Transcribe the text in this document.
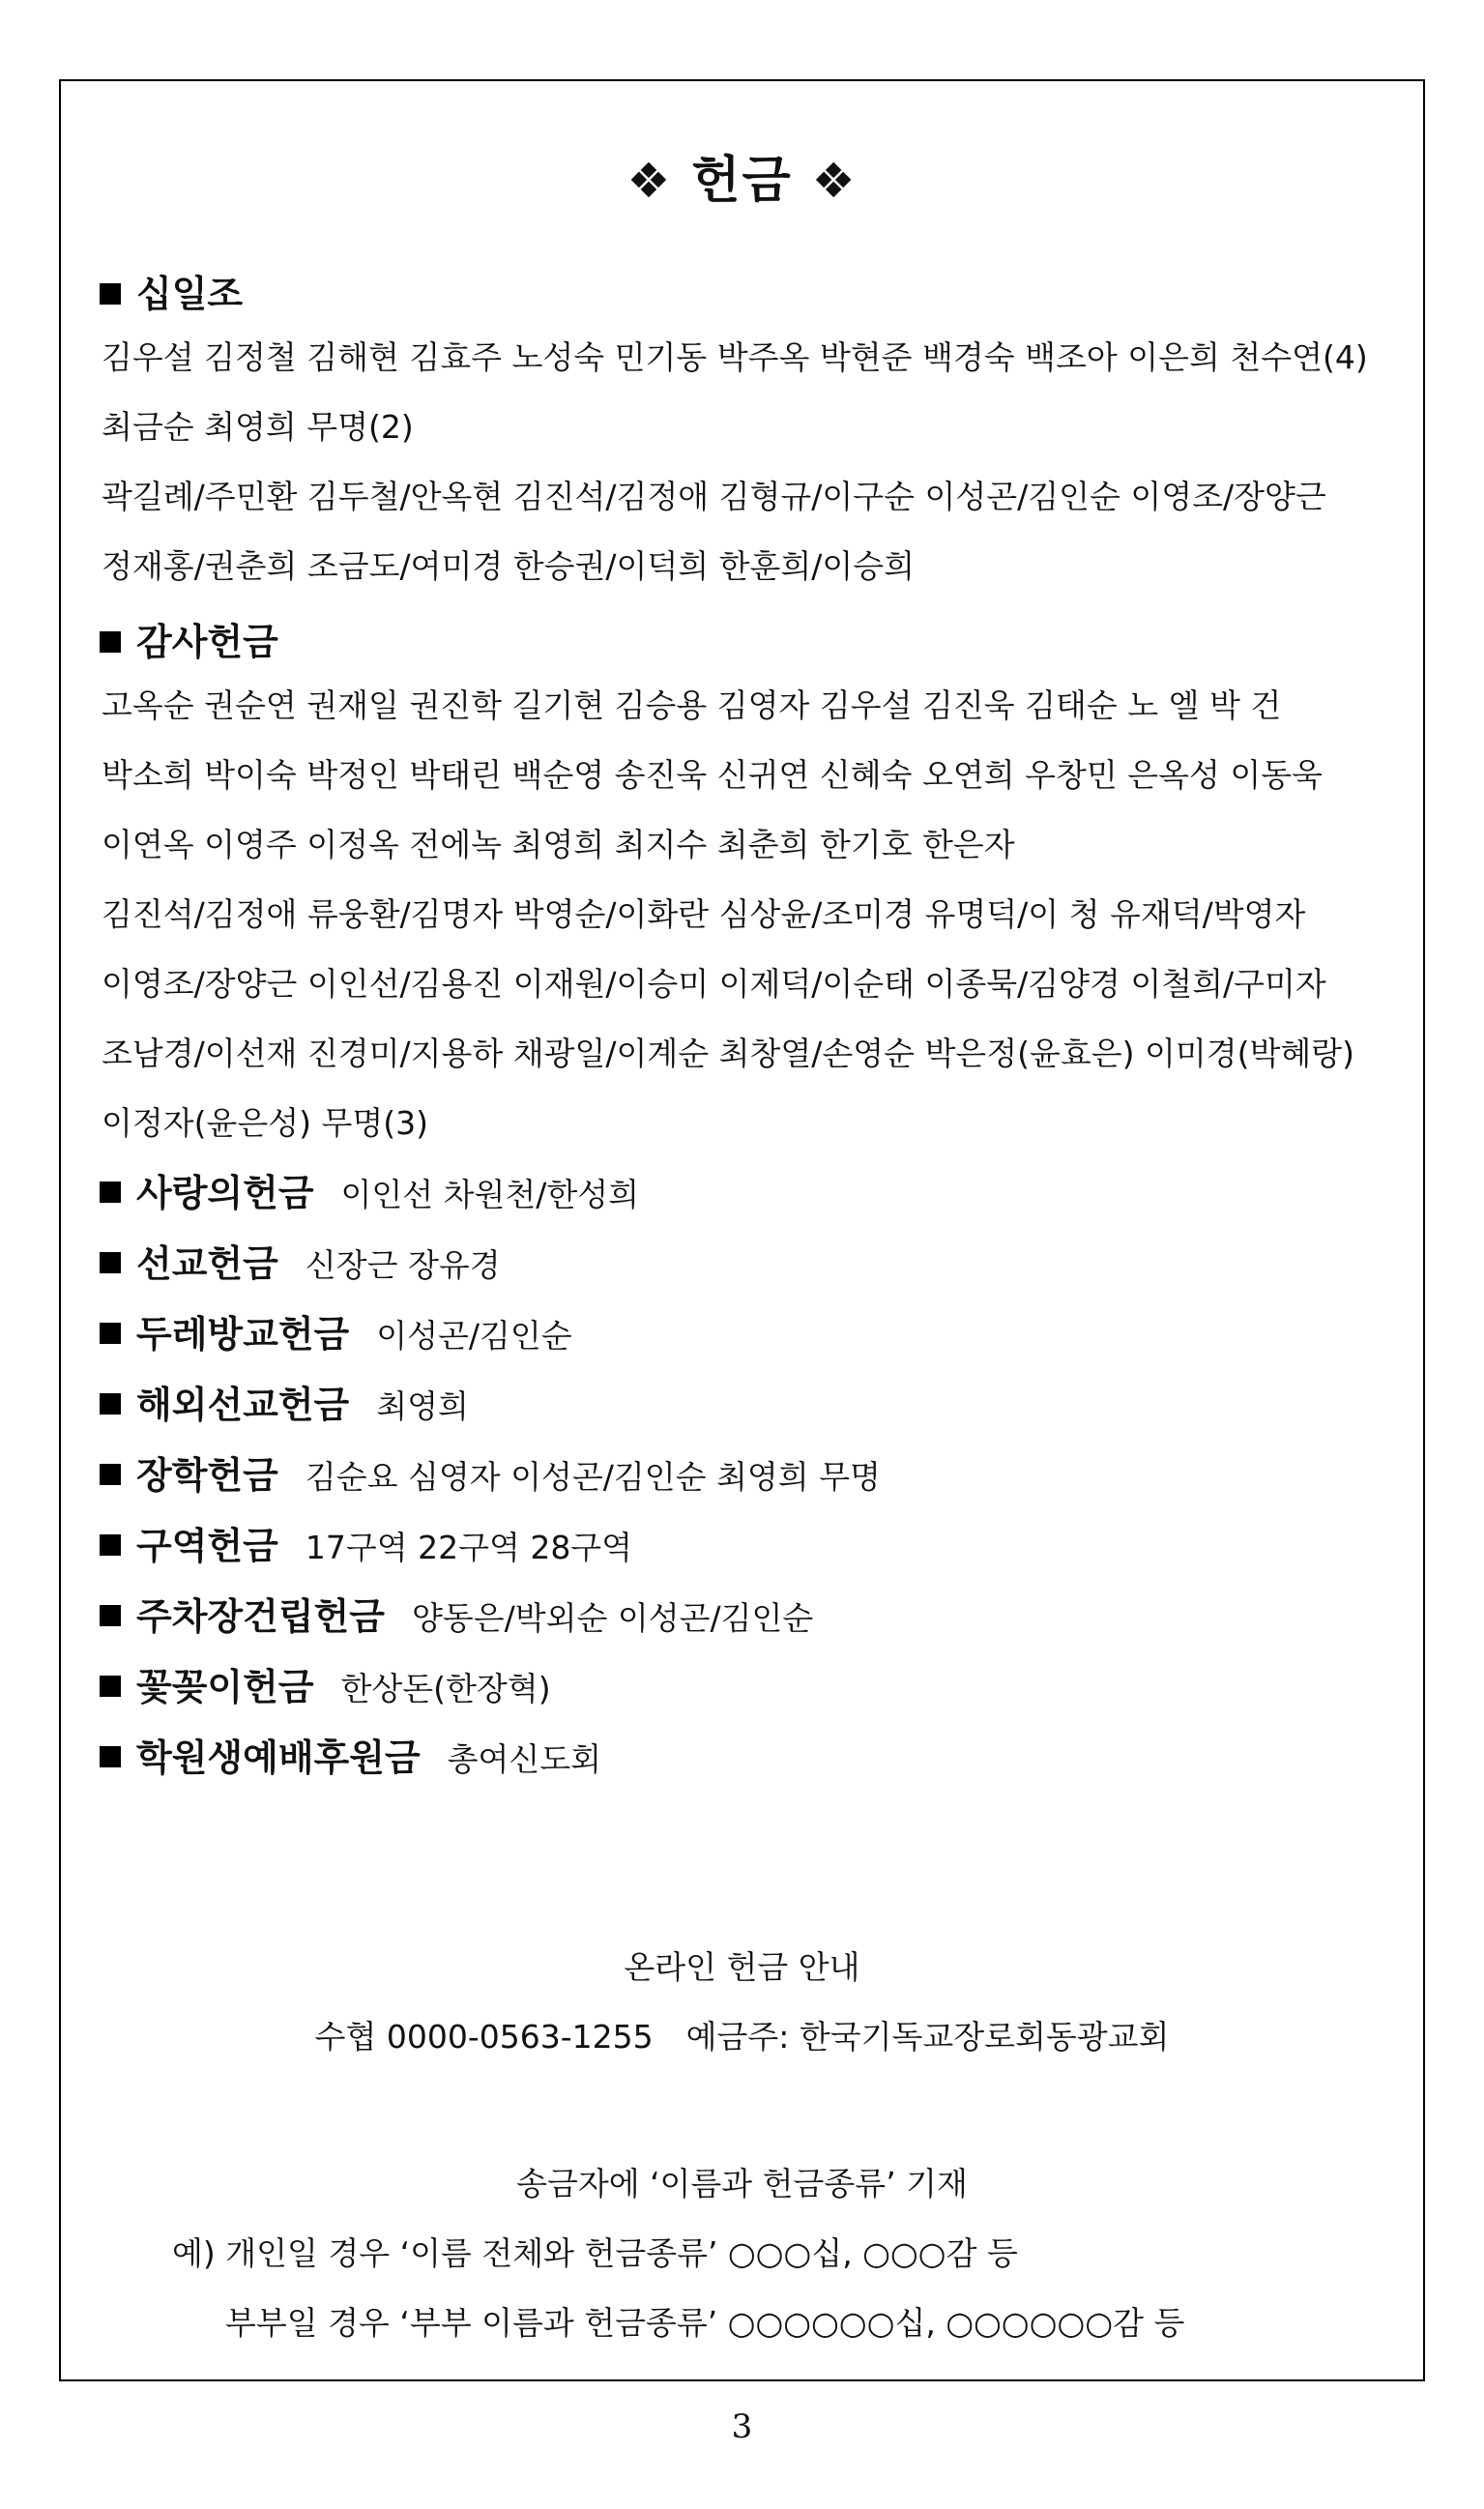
❖ 헌금 ❖
십일조
김우설 김정철 김해현 김효주 노성숙 민기동 박주옥 박현준 백경숙 백조아 이은희 천수연(4)
최금순 최영희 무명(2)
곽길례/주민환 김두철/안옥현 김진석/김정애 김형규/이구순 이성곤/김인순 이영조/장양근
정재홍/권춘희 조금도/여미경 한승권/이덕희 한훈희/이승희
감사헌금
고옥순 권순연 권재일 권진학 길기현 김승용 김영자 김우설 김진욱 김태순 노 엘 박 건
박소희 박이숙 박정인 박태린 백순영 송진욱 신귀연 신혜숙 오연희 우창민 은옥성 이동욱
이연옥 이영주 이정옥 전에녹 최영희 최지수 최춘희 한기호 한은자
김진석/김정애 류웅환/김명자 박영순/이화란 심상윤/조미경 유명덕/이 청 유재덕/박영자
이영조/장양근 이인선/김용진 이재원/이승미 이제덕/이순태 이종묵/김양경 이철희/구미자
조남경/이선재 진경미/지용하 채광일/이계순 최창열/손영순 박은정(윤효은) 이미경(박혜랑)
이정자(윤은성) 무명(3)
사랑의헌금 이인선 차원천/한성희
선교헌금 신장근 장유경
두레방교헌금 이성곤/김인순
해외선교헌금 최영희
장학헌금 김순요 심영자 이성곤/김인순 최영희 무명
구역헌금 17구역 22구역 28구역
주차장건립헌금 양동은/박외순 이성곤/김인순
꽃꽂이헌금 한상돈(한장혁)
학원생예배후원금 총여신도회
온라인 헌금 안내
수협 0000-0563-1255 예금주: 한국기독교장로회동광교회
송금자에 ‘이름과 헌금종류’ 기재
예) 개인일 경우 ‘이름 전체와 헌금종류’ ○○○십, ○○○감 등
부부일 경우 ‘부부 이름과 헌금종류’ ○○○○○○십, ○○○○○○감 등
3
